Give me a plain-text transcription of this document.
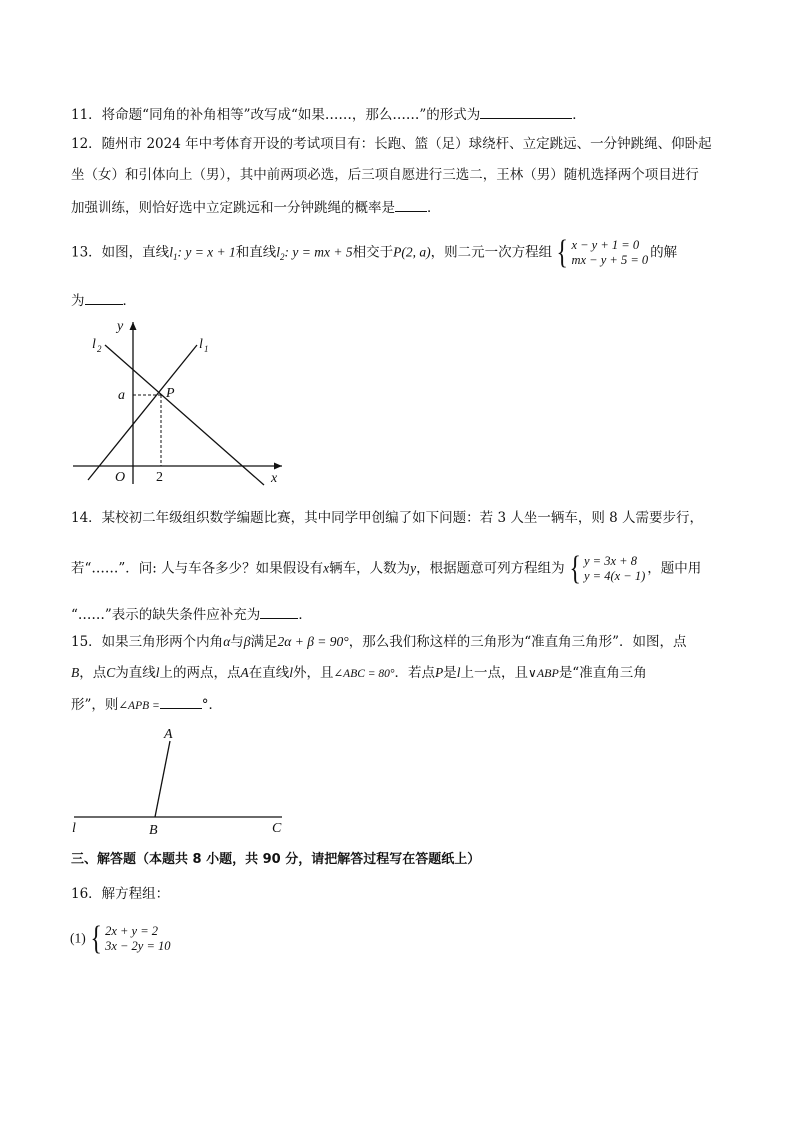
11．将命题“同角的补角相等”改写成“如果……，那么……”的形式为	．
12．随州市 2024 年中考体育开设的考试项目有：长跑、篮（足）球绕杆、立定跳远、一分钟跳绳、仰卧起
坐（女）和引体向上（男），其中前两项必选，后三项自愿进行三选二，王林（男）随机选择两个项目进行
加强训练，则恰好选中立定跳远和一分钟跳绳的概率是 ．
13．如图，直线$l_1$: y = x + 1和直线$l_2$: y = mx + 5相交于P(2, a)，则二元一次方程组 { x − y + 1 = 0
mx − y + 5 = 0 的解
为	．
y
x
O
l 1
l 2
a	P
2
14．某校初二年级组织数学编题比赛，其中同学甲创编了如下问题：若 3 人坐一辆车，则 8 人需要步行，
若“……”．问: 人与车各多少？如果假设有x辆车，人数为y，根据题意可列方程组为 { y = 3x + 8
y = 4(x − 1) ，题中用
“……”表示的缺失条件应补充为	．
15．如果三角形两个内角α与β满足2α + β = 90°，那么我们称这样的三角形为“准直角三角形”．如图，点
B，点C为直线l上的两点，点A在直线l外，且∠ABC = 80°．若点P是l上一点，且∨ABP是“准直角三角
形”，则∠APB =	°．
A
B	C
l
三、解答题（本题共 8 小题，共 90 分，请把解答过程写在答题纸上）
16．解方程组：
(1) { 2x + y = 2
3x − 2y = 10
